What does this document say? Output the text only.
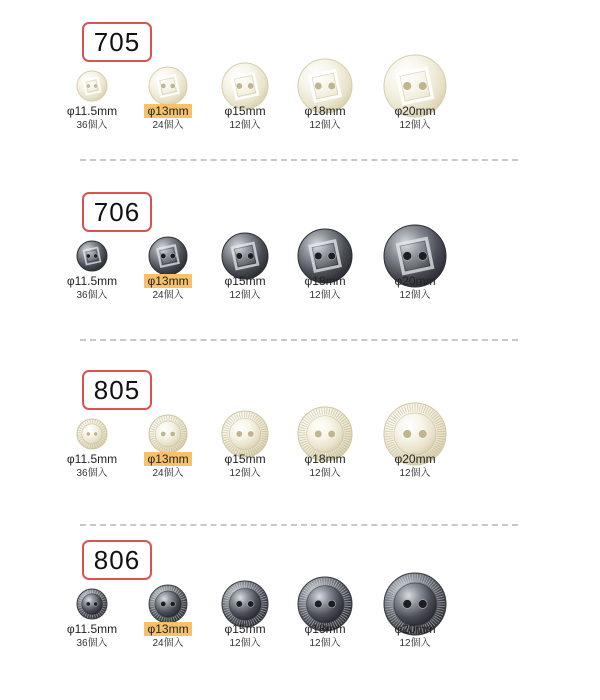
705
φ11.5mm
36個入
φ13mm
24個入
φ15mm
12個入
φ18mm
12個入
φ20mm
12個入
706
φ11.5mm
36個入
φ13mm
24個入
φ15mm
12個入
φ18mm
12個入
φ20mm
12個入
805
φ11.5mm
36個入
φ13mm
24個入
φ15mm
12個入
φ18mm
12個入
φ20mm
12個入
806
φ11.5mm
36個入
φ13mm
24個入
φ15mm
12個入
φ18mm
12個入
φ20mm
12個入
